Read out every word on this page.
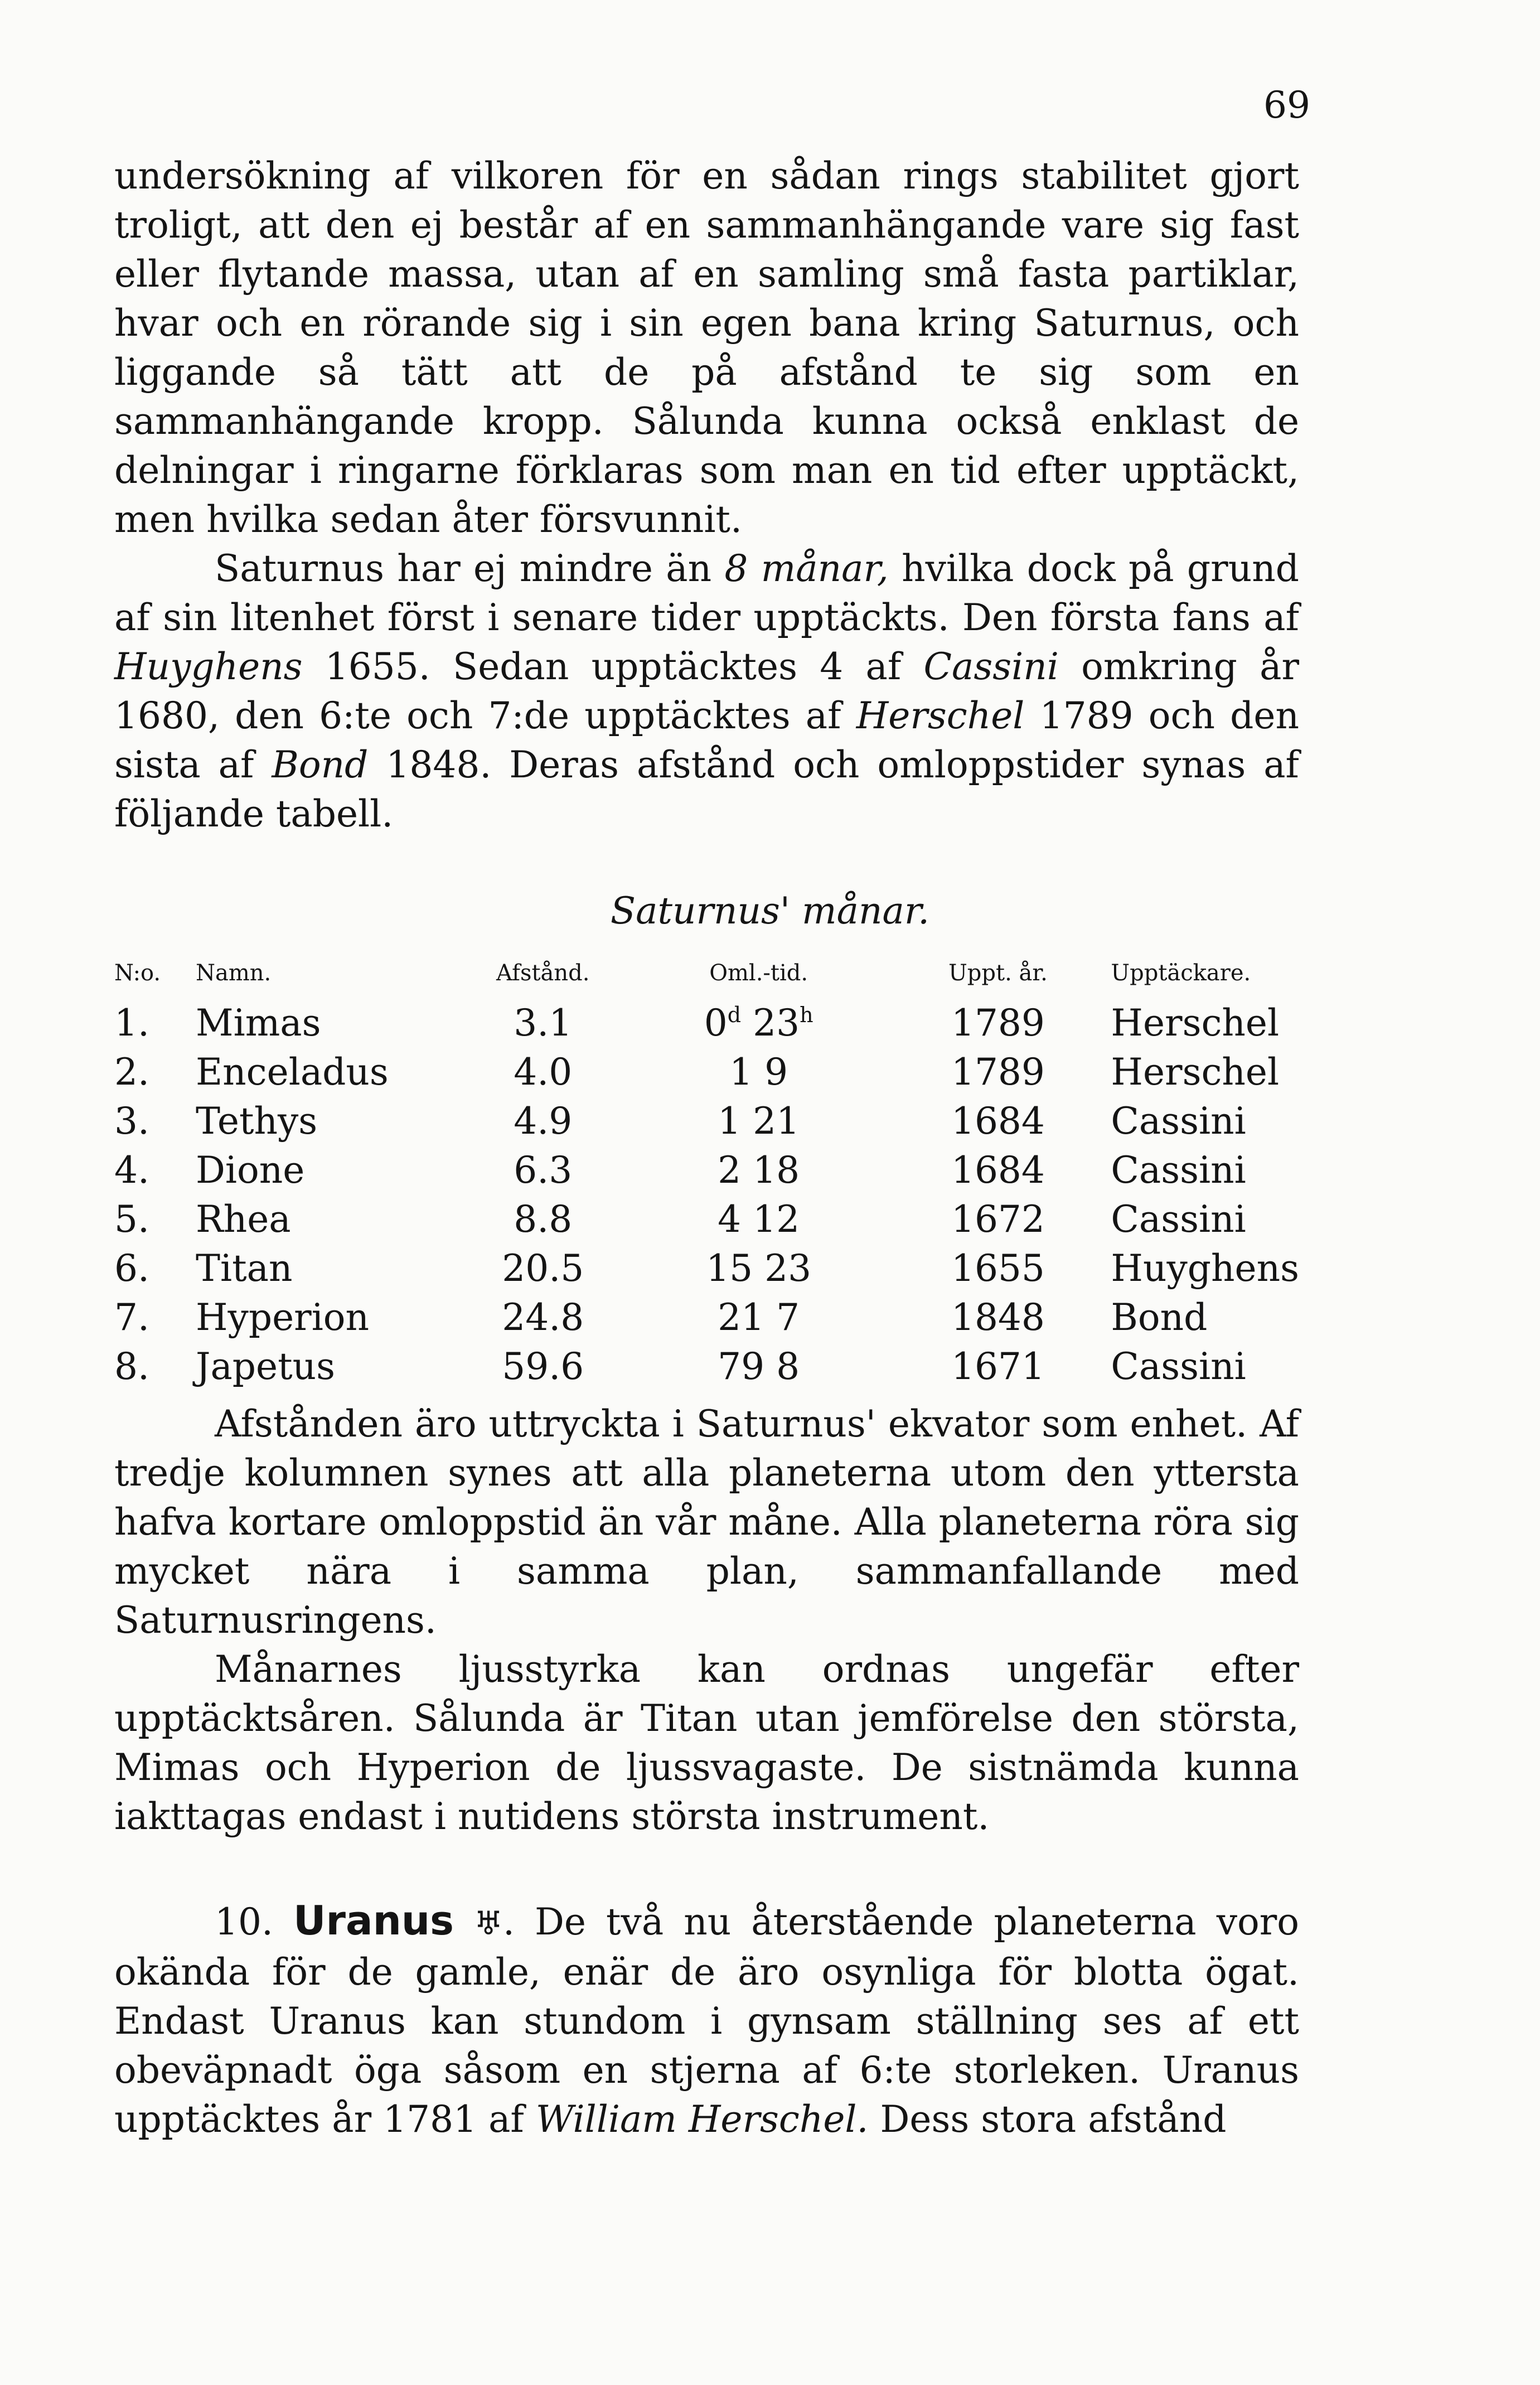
69

undersökning af vilkoren för en sådan rings stabilitet gjort troligt, att den ej består af en sammanhängande vare sig fast eller flytande massa, utan af en samling små fasta partiklar, hvar och en rörande sig i sin egen bana kring Saturnus, och liggande så tätt att de på afstånd te sig som en sammanhängande kropp. Sålunda kunna också enklast de delningar i ringarne förklaras som man en tid efter upptäckt, men hvilka sedan åter försvunnit.

Saturnus har ej mindre än 8 månar, hvilka dock på grund af sin litenhet först i senare tider upptäckts. Den första fans af Huyghens 1655. Sedan upptäcktes 4 af Cassini omkring år 1680, den 6:te och 7:de upptäcktes af Herschel 1789 och den sista af Bond 1848. Deras afstånd och omloppstider synas af följande tabell.

Saturnus' månar.
N:o.	Namn.	Afstånd.	Oml.-tid.	Uppt. år.	Upptäckare.
1.	Mimas	3.1	0$^d$ 23$^h$	1789	Herschel
2.	Enceladus	4.0	1 9	1789	Herschel
3.	Tethys	4.9	1 21	1684	Cassini
4.	Dione	6.3	2 18	1684	Cassini
5.	Rhea	8.8	4 12	1672	Cassini
6.	Titan	20.5	15 23	1655	Huyghens
7.	Hyperion	24.8	21 7	1848	Bond
8.	Japetus	59.6	79 8	1671	Cassini

Afstånden äro uttryckta i Saturnus' ekvator som enhet. Af tredje kolumnen synes att alla planeterna utom den yttersta hafva kortare omloppstid än vår måne. Alla planeterna röra sig mycket nära i samma plan, sammanfallande med Saturnusringens.

Månarnes ljusstyrka kan ordnas ungefär efter upptäcktsåren. Sålunda är Titan utan jemförelse den största, Mimas och Hyperion de ljussvagaste. De sistnämda kunna iakttagas endast i nutidens största instrument.

10. Uranus ♅. De två nu återstående planeterna voro okända för de gamle, enär de äro osynliga för blotta ögat. Endast Uranus kan stundom i gynsam ställning ses af ett obeväpnadt öga såsom en stjerna af 6:te storleken. Uranus upptäcktes år 1781 af William Herschel. Dess stora afstånd
